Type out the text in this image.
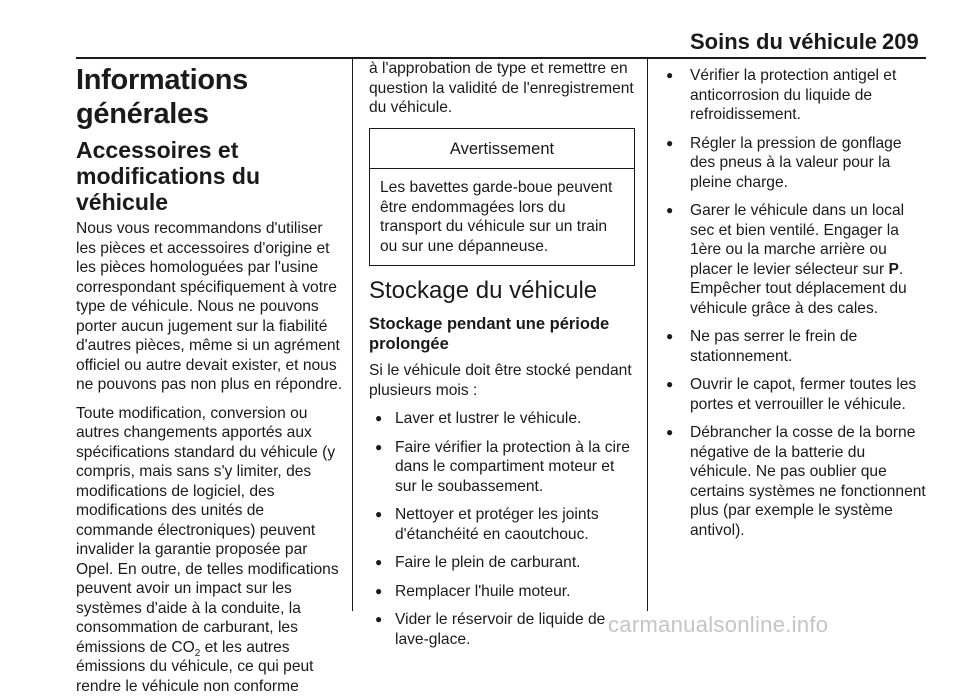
Soins du véhicule 209
Informations générales
Accessoires et modifications du véhicule

Nous vous recommandons d'utiliser les pièces et accessoires d'origine et les pièces homologuées par l'usine correspondant spécifiquement à votre type de véhicule. Nous ne pouvons porter aucun jugement sur la fiabilité d'autres pièces, même si un agrément officiel ou autre devait exister, et nous ne pouvons pas non plus en répondre.

Toute modification, conversion ou autres changements apportés aux spécifications standard du véhicule (y compris, mais sans s'y limiter, des modifications de logiciel, des modifications des unités de commande électroniques) peuvent invalider la garantie proposée par Opel. En outre, de telles modifications peuvent avoir un impact sur les systèmes d'aide à la conduite, la consommation de carburant, les émissions de $CO_2$ et les autres émissions du véhicule, ce qui peut rendre le véhicule non conforme

à l'approbation de type et remettre en question la validité de l'enregistrement du véhicule.

Avertissement
Les bavettes garde-boue peuvent être endommagées lors du transport du véhicule sur un train ou sur une dépanneuse.
Stockage du véhicule
Stockage pendant une période prolongée

Si le véhicule doit être stocké pendant plusieurs mois :

● Laver et lustrer le véhicule.
● Faire vérifier la protection à la cire dans le compartiment moteur et sur le soubassement.
● Nettoyer et protéger les joints d'étanchéité en caoutchouc.
● Faire le plein de carburant.
● Remplacer l'huile moteur.
● Vider le réservoir de liquide de lave-glace.
● Vérifier la protection antigel et anticorrosion du liquide de refroidissement.
● Régler la pression de gonflage des pneus à la valeur pour la pleine charge.
● Garer le véhicule dans un local sec et bien ventilé. Engager la 1ère ou la marche arrière ou placer le levier sélecteur sur P. Empêcher tout déplacement du véhicule grâce à des cales.
● Ne pas serrer le frein de stationnement.
● Ouvrir le capot, fermer toutes les portes et verrouiller le véhicule.
● Débrancher la cosse de la borne négative de la batterie du véhicule. Ne pas oublier que certains systèmes ne fonctionnent plus (par exemple le système antivol).
carmanualsonline.info
